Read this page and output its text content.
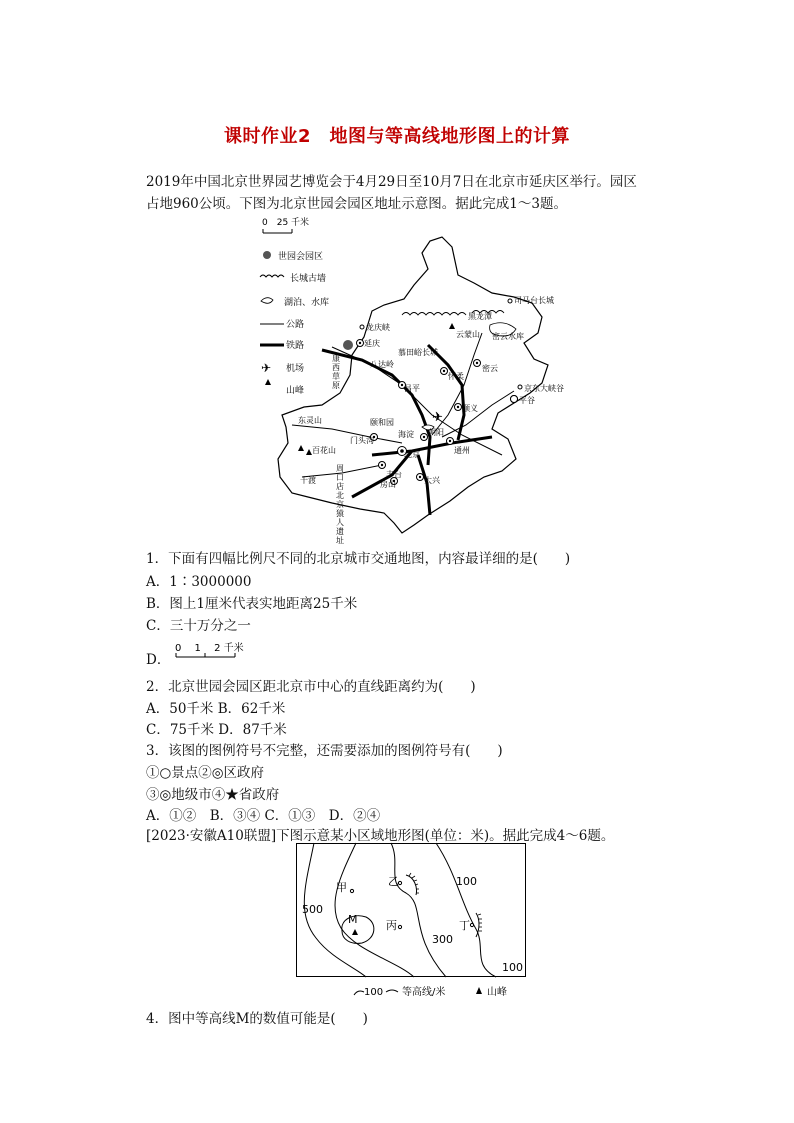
课时作业2　地图与等高线地形图上的计算
2019年中国北京世界园艺博览会于4月29日至10月7日在北京市延庆区举行。园区
占地960公顷。下图为北京世园会园区地址示意图。据此完成1～3题。
0　25 千米
世园会园区
长城古墙
湖泊、水库
公路
铁路
✈ 机场
山峰
✈
龙庆峡
延庆
慕田峪长城
司马台长城
云蒙山
黑龙潭
密云水库
怀柔
密云
京东大峡谷
平谷
八达岭
昌平
顺义
东灵山	颐和园
门头沟
海淀 朝阳
北京	通州
百花山
丰台
十渡	房山	大兴
周
口
店
北
京
猿
人
遗
址
康
西
草
原
1．下面有四幅比例尺不同的北京城市交通地图，内容最详细的是(　　)
A．1∶3000000
B．图上1厘米代表实地距离25千米
C．三十万分之一
D．
0　 1　 2 千米
2．北京世园会园区距北京市中心的直线距离约为(　　)
A．50千米 B．62千米
C．75千米 D．87千米
3．该图的图例符号不完整，还需要添加的图例符号有(　　)
①○景点②◎区政府
③◎地级市④★省政府
A．①②　B．③④ C．①③　D．②④
[2023·安徽A10联盟]下图示意某小区域地形图(单位：米)。据此完成4～6题。
甲	乙
丙	丁
M
500
300
100
100
100 等高线/米	山峰
4．图中等高线M的数值可能是(　　)
